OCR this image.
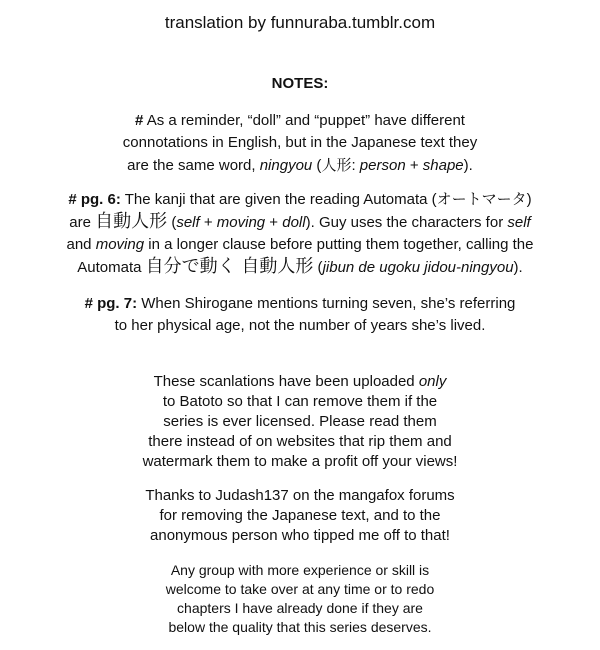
translation by funnuraba.tumblr.com
NOTES:
# As a reminder, “doll” and “puppet” have different
connotations in English, but in the Japanese text they
are the same word, ningyou (人形: person + shape).
# pg. 6: The kanji that are given the reading Automata (オートマータ)
are 自動人形 (self + moving + doll). Guy uses the characters for self
and moving in a longer clause before putting them together, calling the
Automata 自分で動く 自動人形 (jibun de ugoku jidou-ningyou).
# pg. 7: When Shirogane mentions turning seven, she’s referring
to her physical age, not the number of years she’s lived.
These scanlations have been uploaded only
to Batoto so that I can remove them if the
series is ever licensed. Please read them
there instead of on websites that rip them and
watermark them to make a profit off your views!
Thanks to Judash137 on the mangafox forums
for removing the Japanese text, and to the
anonymous person who tipped me off to that!
Any group with more experience or skill is
welcome to take over at any time or to redo
chapters I have already done if they are
below the quality that this series deserves.
